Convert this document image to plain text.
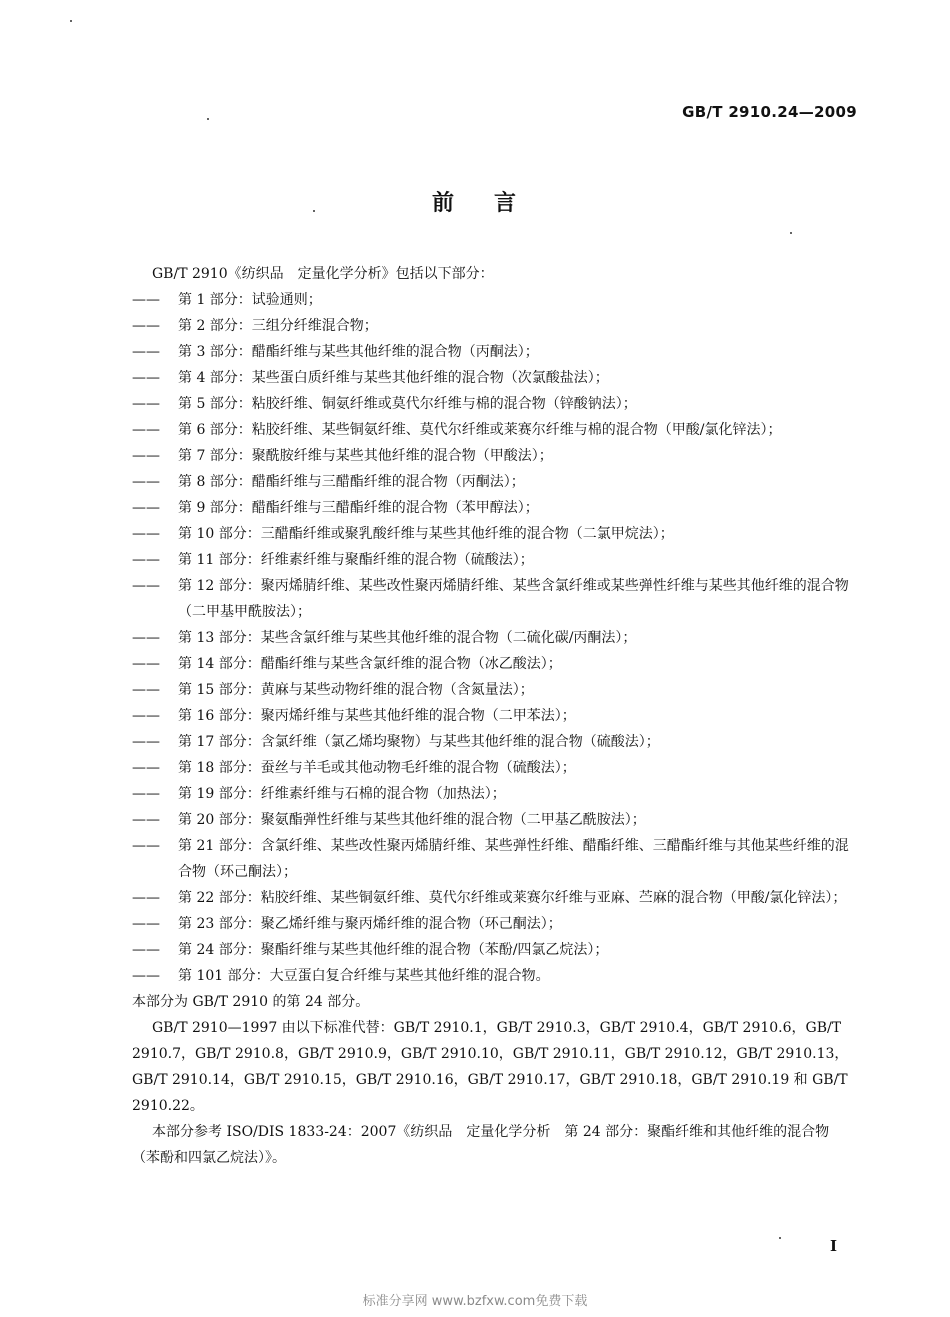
GB/T 2910.24—2009
前 言

GB/T 2910《纺织品　定量化学分析》包括以下部分：

—— 第 1 部分：试验通则；

—— 第 2 部分：三组分纤维混合物；

—— 第 3 部分：醋酯纤维与某些其他纤维的混合物（丙酮法）；

—— 第 4 部分：某些蛋白质纤维与某些其他纤维的混合物（次氯酸盐法）；

—— 第 5 部分：粘胶纤维、铜氨纤维或莫代尔纤维与棉的混合物（锌酸钠法）；

—— 第 6 部分：粘胶纤维、某些铜氨纤维、莫代尔纤维或莱赛尔纤维与棉的混合物（甲酸/氯化锌法）；

—— 第 7 部分：聚酰胺纤维与某些其他纤维的混合物（甲酸法）；

—— 第 8 部分：醋酯纤维与三醋酯纤维的混合物（丙酮法）；

—— 第 9 部分：醋酯纤维与三醋酯纤维的混合物（苯甲醇法）；

—— 第 10 部分：三醋酯纤维或聚乳酸纤维与某些其他纤维的混合物（二氯甲烷法）；

—— 第 11 部分：纤维素纤维与聚酯纤维的混合物（硫酸法）；

—— 第 12 部分：聚丙烯腈纤维、某些改性聚丙烯腈纤维、某些含氯纤维或某些弹性纤维与某些其他纤维的混合物（二甲基甲酰胺法）；

—— 第 13 部分：某些含氯纤维与某些其他纤维的混合物（二硫化碳/丙酮法）；

—— 第 14 部分：醋酯纤维与某些含氯纤维的混合物（冰乙酸法）；

—— 第 15 部分：黄麻与某些动物纤维的混合物（含氮量法）；

—— 第 16 部分：聚丙烯纤维与某些其他纤维的混合物（二甲苯法）；

—— 第 17 部分：含氯纤维（氯乙烯均聚物）与某些其他纤维的混合物（硫酸法）；

—— 第 18 部分：蚕丝与羊毛或其他动物毛纤维的混合物（硫酸法）；

—— 第 19 部分：纤维素纤维与石棉的混合物（加热法）；

—— 第 20 部分：聚氨酯弹性纤维与某些其他纤维的混合物（二甲基乙酰胺法）；

—— 第 21 部分：含氯纤维、某些改性聚丙烯腈纤维、某些弹性纤维、醋酯纤维、三醋酯纤维与其他某些纤维的混合物（环己酮法）；

—— 第 22 部分：粘胶纤维、某些铜氨纤维、莫代尔纤维或莱赛尔纤维与亚麻、苎麻的混合物（甲酸/氯化锌法）；

—— 第 23 部分：聚乙烯纤维与聚丙烯纤维的混合物（环己酮法）；

—— 第 24 部分：聚酯纤维与某些其他纤维的混合物（苯酚/四氯乙烷法）；

—— 第 101 部分：大豆蛋白复合纤维与某些其他纤维的混合物。

本部分为 GB/T 2910 的第 24 部分。

GB/T 2910—1997 由以下标准代替：GB/T 2910.1，GB/T 2910.3，GB/T 2910.4，GB/T 2910.6，GB/T 2910.7，GB/T 2910.8，GB/T 2910.9，GB/T 2910.10，GB/T 2910.11，GB/T 2910.12，GB/T 2910.13，GB/T 2910.14，GB/T 2910.15，GB/T 2910.16，GB/T 2910.17，GB/T 2910.18，GB/T 2910.19 和 GB/T 2910.22。

本部分参考 ISO/DIS 1833-24：2007《纺织品　定量化学分析　第 24 部分：聚酯纤维和其他纤维的混合物（苯酚和四氯乙烷法）》。

I
标准分享网 www.bzfxw.com免费下载
